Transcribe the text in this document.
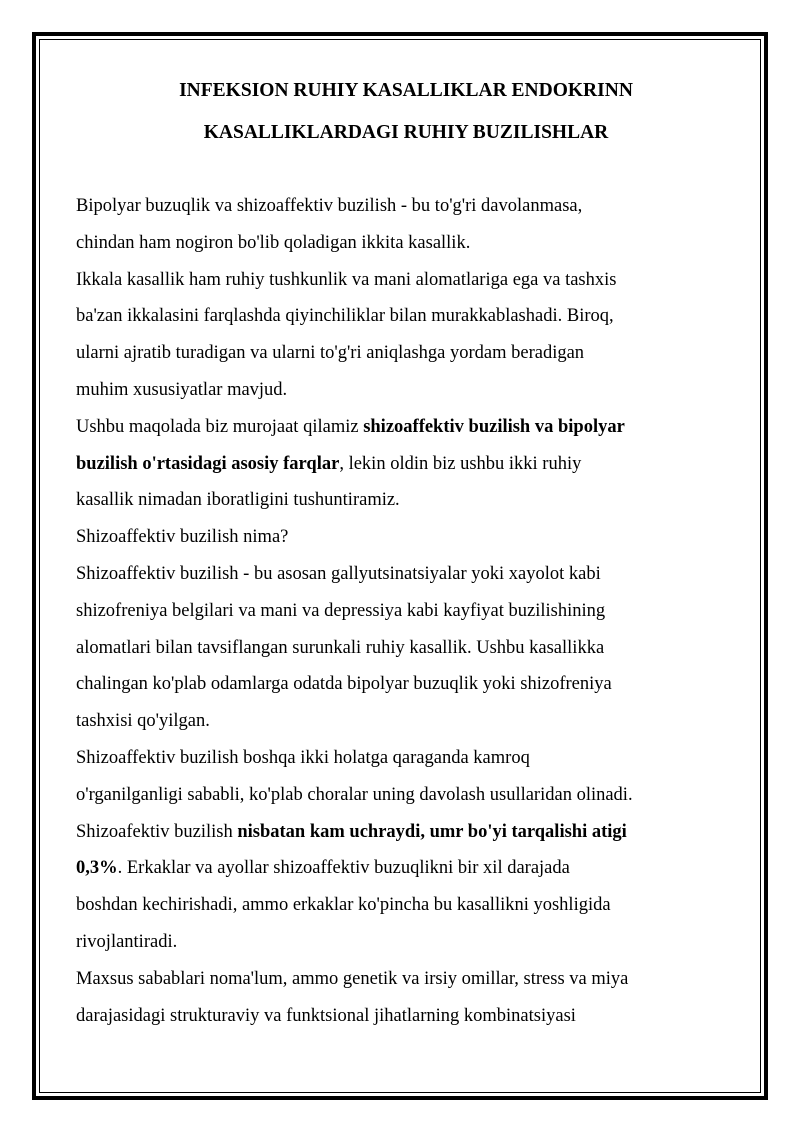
INFEKSION RUHIY KASALLIKLAR ENDOKRINN
KASALLIKLARDAGI RUHIY BUZILISHLAR
Bipolyar buzuqlik va shizoaffektiv buzilish - bu to'g'ri davolanmasa,
chindan ham nogiron bo'lib qoladigan ikkita kasallik.
Ikkala kasallik ham ruhiy tushkunlik va mani alomatlariga ega va tashxis
ba'zan ikkalasini farqlashda qiyinchiliklar bilan murakkablashadi. Biroq,
ularni ajratib turadigan va ularni to'g'ri aniqlashga yordam beradigan
muhim xususiyatlar mavjud.
Ushbu maqolada biz murojaat qilamiz shizoaffektiv buzilish va bipolyar
buzilish o'rtasidagi asosiy farqlar, lekin oldin biz ushbu ikki ruhiy
kasallik nimadan iboratligini tushuntiramiz.
Shizoaffektiv buzilish nima?
Shizoaffektiv buzilish - bu asosan gallyutsinatsiyalar yoki xayolot kabi
shizofreniya belgilari va mani va depressiya kabi kayfiyat buzilishining
alomatlari bilan tavsiflangan surunkali ruhiy kasallik. Ushbu kasallikka
chalingan ko'plab odamlarga odatda bipolyar buzuqlik yoki shizofreniya
tashxisi qo'yilgan.
Shizoaffektiv buzilish boshqa ikki holatga qaraganda kamroq
o'rganilganligi sababli, ko'plab choralar uning davolash usullaridan olinadi.
Shizoafektiv buzilish nisbatan kam uchraydi, umr bo'yi tarqalishi atigi
0,3%. Erkaklar va ayollar shizoaffektiv buzuqlikni bir xil darajada
boshdan kechirishadi, ammo erkaklar ko'pincha bu kasallikni yoshligida
rivojlantiradi.
Maxsus sabablari noma'lum, ammo genetik va irsiy omillar, stress va miya
darajasidagi strukturaviy va funktsional jihatlarning kombinatsiyasi
